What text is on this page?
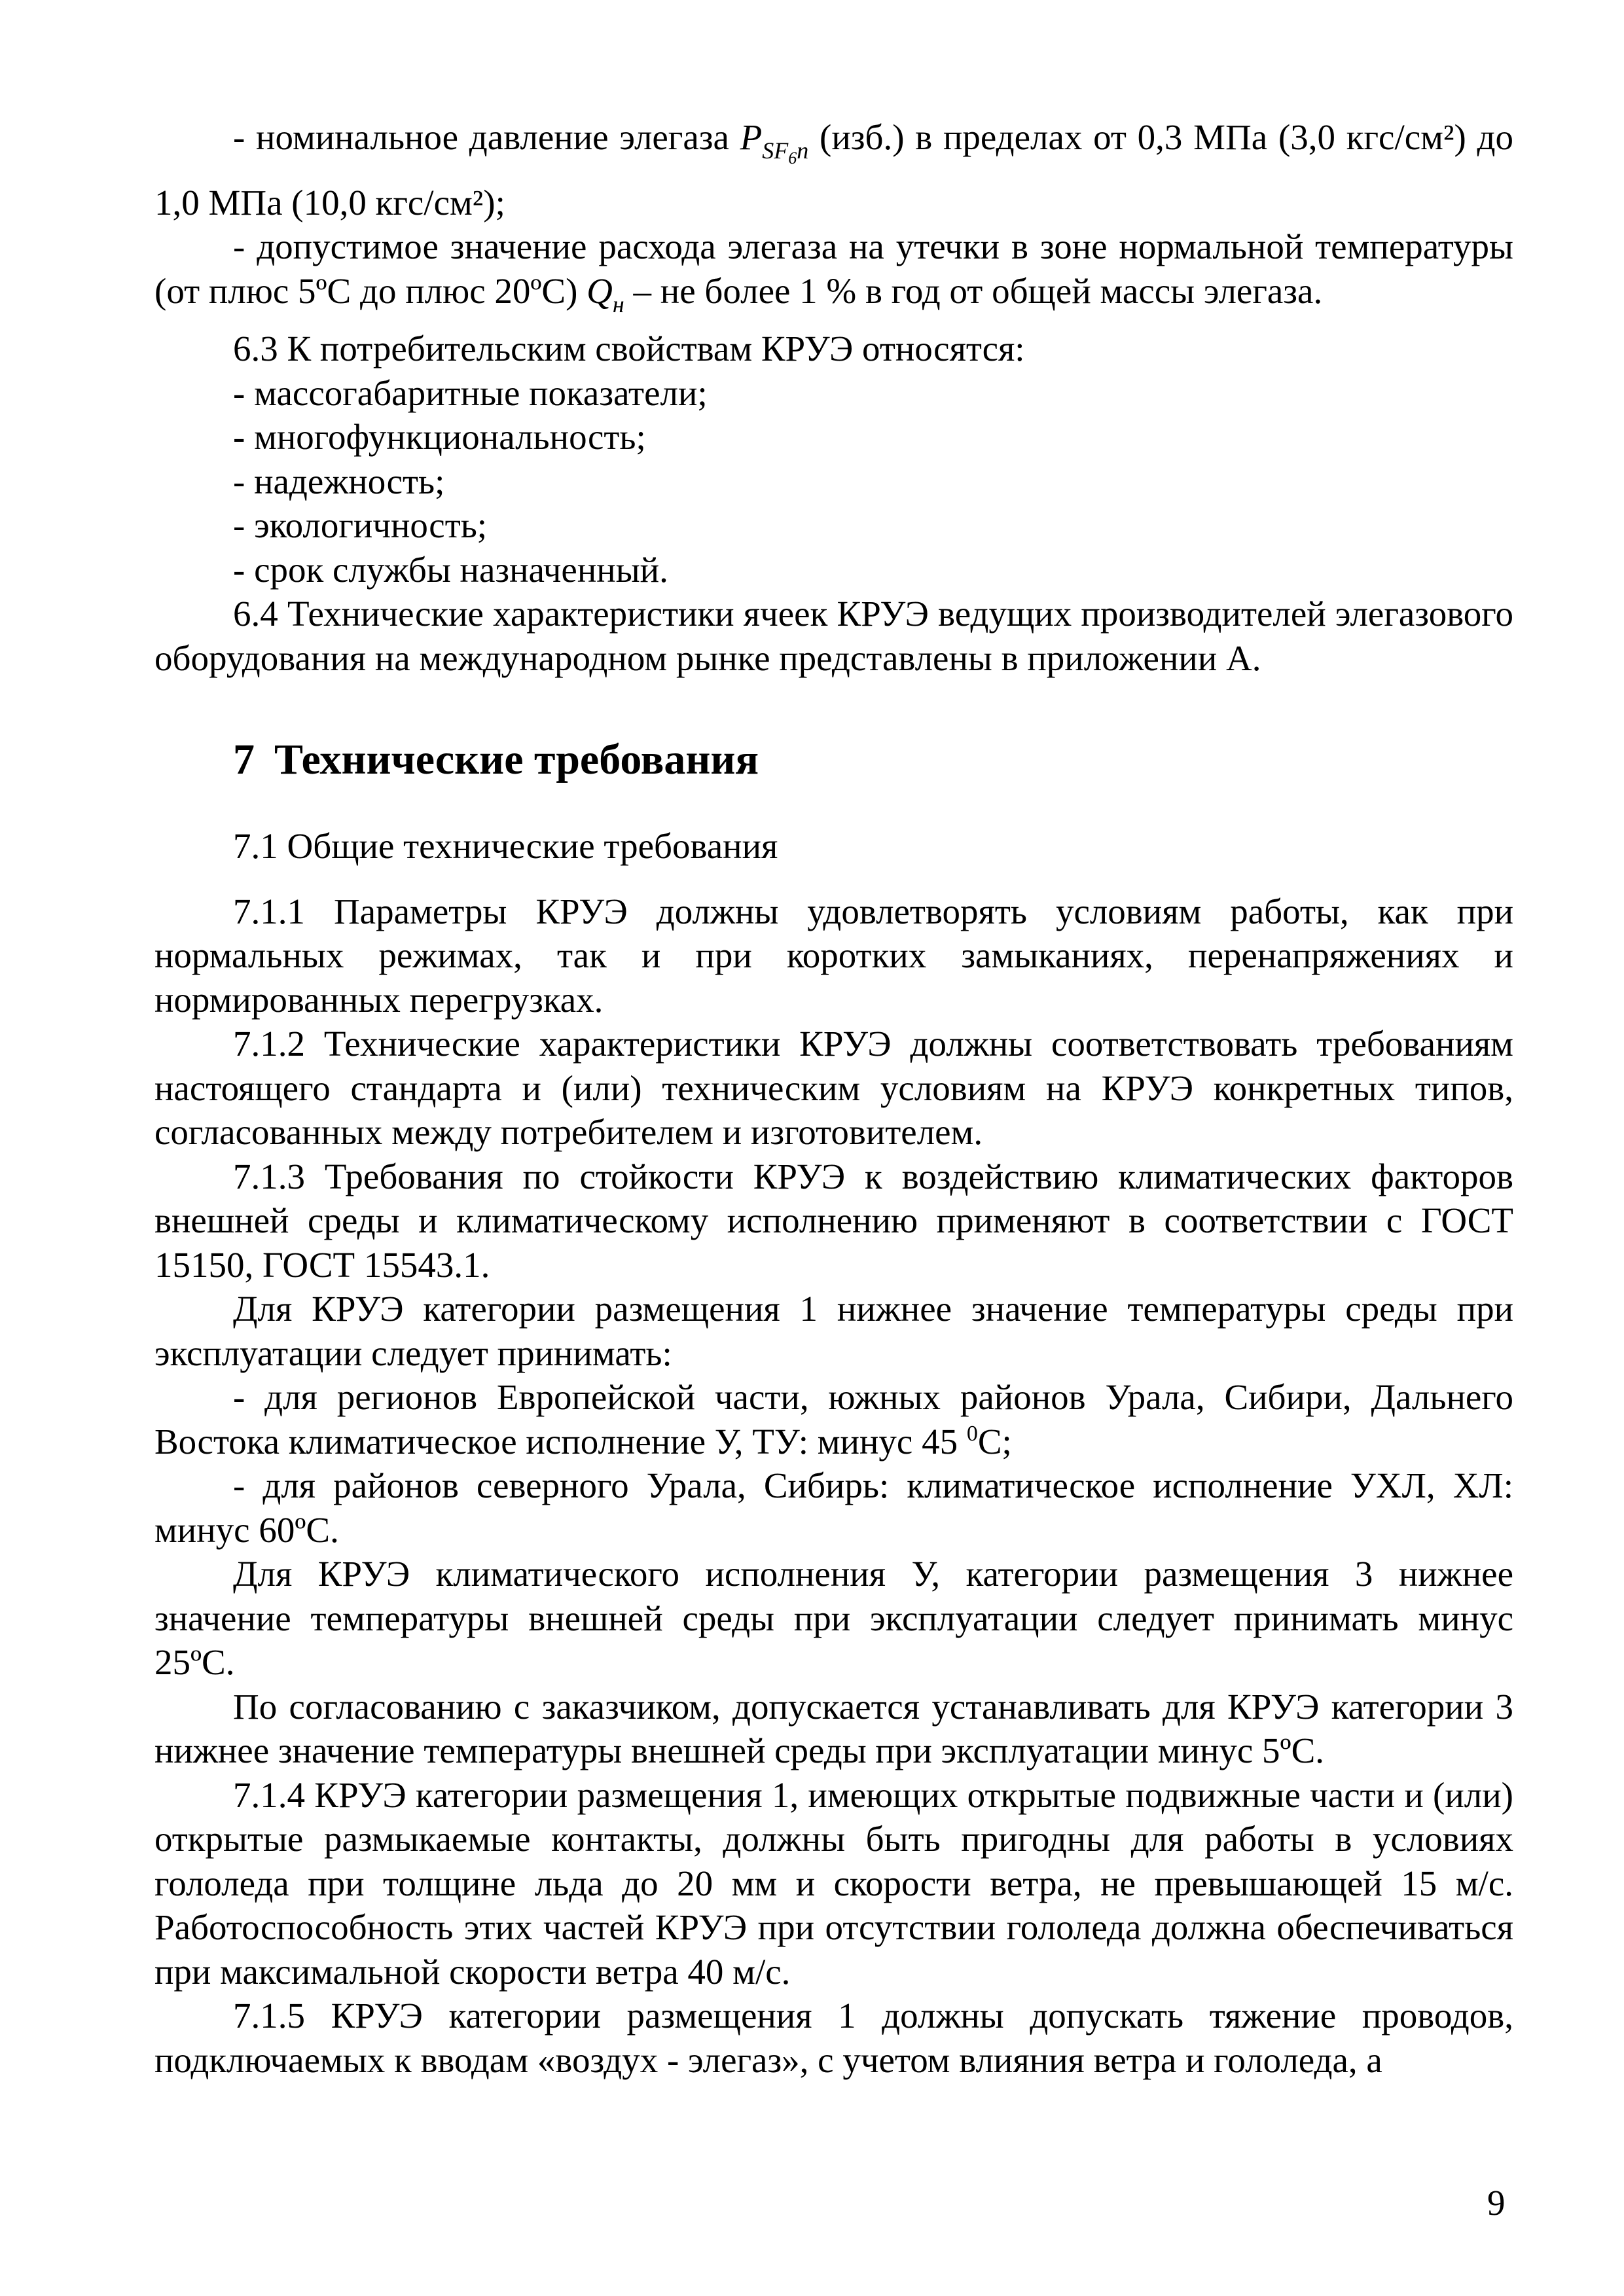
- номинальное давление элегаза $P_{SF_6n}$ (изб.) в пределах от 0,3 МПа (3,0 кгс/см²) до 1,0 МПа (10,0 кгс/см²);

- допустимое значение расхода элегаза на утечки в зоне нормальной температуры (от плюс 5ºС до плюс 20ºС) $Q_н$ – не более 1 % в год от общей массы элегаза.

6.3 К потребительским свойствам КРУЭ относятся:

- массогабаритные показатели;

- многофункциональность;

- надежность;

- экологичность;

- срок службы назначенный.

6.4 Технические характеристики ячеек КРУЭ ведущих производителей элегазового оборудования на международном рынке представлены в приложении А.

7 Технические требования

7.1 Общие технические требования

7.1.1 Параметры КРУЭ должны удовлетворять условиям работы, как при нормальных режимах, так и при коротких замыканиях, перенапряжениях и нормированных перегрузках.

7.1.2 Технические характеристики КРУЭ должны соответствовать требованиям настоящего стандарта и (или) техническим условиям на КРУЭ конкретных типов, согласованных между потребителем и изготовителем.

7.1.3 Требования по стойкости КРУЭ к воздействию климатических факторов внешней среды и климатическому исполнению применяют в соответствии с ГОСТ 15150, ГОСТ 15543.1.

Для КРУЭ категории размещения 1 нижнее значение температуры среды при эксплуатации следует принимать:

- для регионов Европейской части, южных районов Урала, Сибири, Дальнего Востока климатическое исполнение У, ТУ: минус 45 $^0$С;

- для районов северного Урала, Сибирь: климатическое исполнение УХЛ, ХЛ: минус 60ºС.

Для КРУЭ климатического исполнения У, категории размещения 3 нижнее значение температуры внешней среды при эксплуатации следует принимать минус 25ºС.

По согласованию с заказчиком, допускается устанавливать для КРУЭ категории 3 нижнее значение температуры внешней среды при эксплуатации минус 5ºС.

7.1.4 КРУЭ категории размещения 1, имеющих открытые подвижные части и (или) открытые размыкаемые контакты, должны быть пригодны для работы в условиях гололеда при толщине льда до 20 мм и скорости ветра, не превышающей 15 м/с. Работоспособность этих частей КРУЭ при отсутствии гололеда должна обеспечиваться при максимальной скорости ветра 40 м/с.

7.1.5 КРУЭ категории размещения 1 должны допускать тяжение проводов, подключаемых к вводам «воздух - элегаз», с учетом влияния ветра и гололеда, а

9
